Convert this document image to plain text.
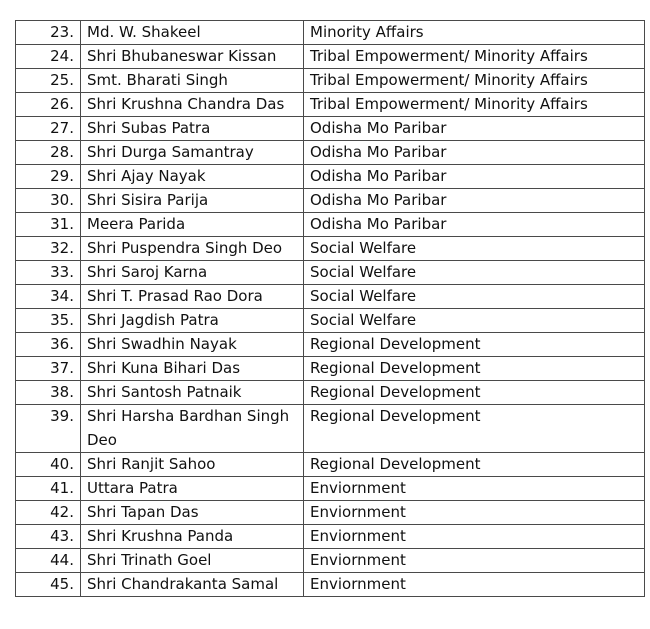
23.	Md. W. Shakeel	Minority Affairs
24.	Shri Bhubaneswar Kissan	Tribal Empowerment/ Minority Affairs
25.	Smt. Bharati Singh	Tribal Empowerment/ Minority Affairs
26.	Shri Krushna Chandra Das	Tribal Empowerment/ Minority Affairs
27.	Shri Subas Patra	Odisha Mo Paribar
28.	Shri Durga Samantray	Odisha Mo Paribar
29.	Shri Ajay Nayak	Odisha Mo Paribar
30.	Shri Sisira Parija	Odisha Mo Paribar
31.	Meera Parida	Odisha Mo Paribar
32.	Shri Puspendra Singh Deo	Social Welfare
33.	Shri Saroj Karna	Social Welfare
34.	Shri T. Prasad Rao Dora	Social Welfare
35.	Shri Jagdish Patra	Social Welfare
36.	Shri Swadhin Nayak	Regional Development
37.	Shri Kuna Bihari Das	Regional Development
38.	Shri Santosh Patnaik	Regional Development
39.	Shri Harsha Bardhan Singh Deo	Regional Development
40.	Shri Ranjit Sahoo	Regional Development
41.	Uttara Patra	Enviornment
42.	Shri Tapan Das	Enviornment
43.	Shri Krushna Panda	Enviornment
44.	Shri Trinath Goel	Enviornment
45.	Shri Chandrakanta Samal	Enviornment
